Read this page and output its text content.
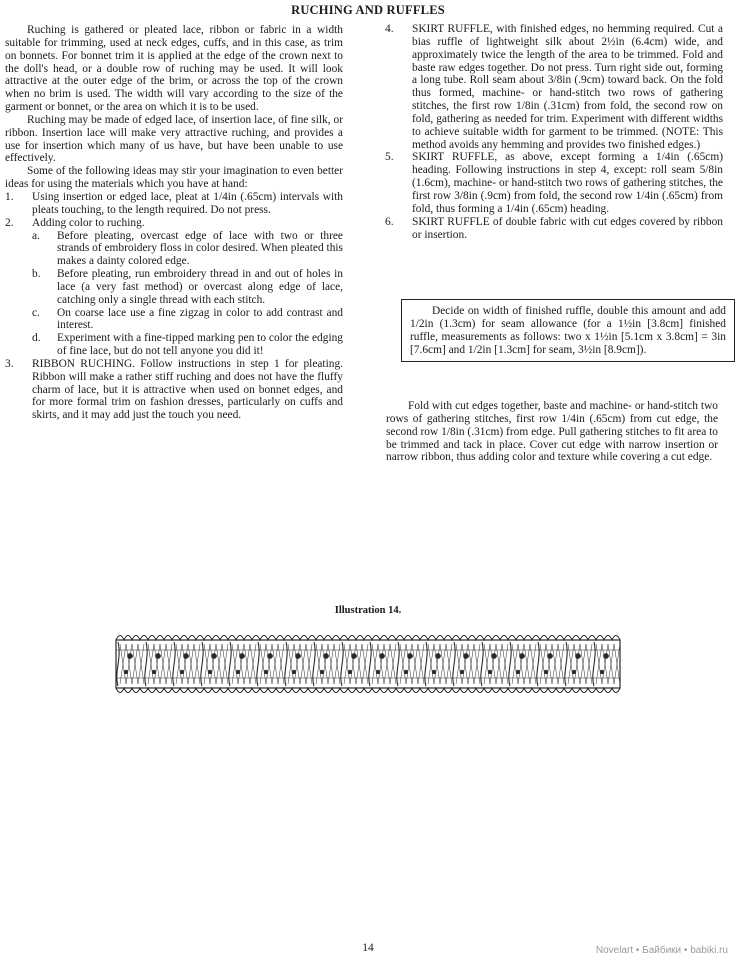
RUCHING AND RUFFLES

Ruching is gathered or pleated lace, ribbon or fabric in a width suitable for trimming, used at neck edges, cuffs, and in this case, as trim on bonnets. For bonnet trim it is applied at the edge of the crown next to the doll's head, or a double row of ruching may be used. It will look attractive at the outer edge of the brim, or across the top of the crown when no brim is used. The width will vary according to the size of the garment or bonnet, or the area on which it is to be used.

Ruching may be made of edged lace, of insertion lace, of fine silk, or ribbon. Insertion lace will make very attractive ruching, and provides a use for insertion which many of us have, but have been unable to use effectively.

Some of the following ideas may stir your imagination to even better ideas for using the materials which you have at hand:

1. Using insertion or edged lace, pleat at 1/4in (.65cm) intervals with pleats touching, to the length required. Do not press.
2. Adding color to ruching.
a. Before pleating, overcast edge of lace with two or three strands of embroidery floss in color desired. When pleated this makes a dainty colored edge.
b. Before pleating, run embroidery thread in and out of holes in lace (a very fast method) or overcast along edge of lace, catching only a single thread with each stitch.
c. On coarse lace use a fine zigzag in color to add contrast and interest.
d. Experiment with a fine-tipped marking pen to color the edging of fine lace, but do not tell anyone you did it!
3. RIBBON RUCHING. Follow instructions in step 1 for pleating. Ribbon will make a rather stiff ruching and does not have the fluffy charm of lace, but it is attractive when used on bonnet edges, and for more formal trim on fashion dresses, particularly on cuffs and skirts, and it may add just the touch you need.
4. SKIRT RUFFLE, with finished edges, no hemming required. Cut a bias ruffle of lightweight silk about 2½in (6.4cm) wide, and approximately twice the length of the area to be trimmed. Fold and baste raw edges together. Do not press. Turn right side out, forming a long tube. Roll seam about 3/8in (.9cm) toward back. On the fold thus formed, machine- or hand-stitch two rows of gathering stitches, the first row 1/8in (.31cm) from fold, the second row on fold, gathering as needed for trim. Experiment with different widths to achieve suitable width for garment to be trimmed. (NOTE: This method avoids any hemming and provides two finished edges.)
5. SKIRT RUFFLE, as above, except forming a 1/4in (.65cm) heading. Following instructions in step 4, except: roll seam 5/8in (1.6cm), machine- or hand-stitch two rows of gathering stitches, the first row 3/8in (.9cm) from fold, the second row 1/4in (.65cm) from fold, thus forming a 1/4in (.65cm) heading.
6. SKIRT RUFFLE of double fabric with cut edges covered by ribbon or insertion.

Decide on width of finished ruffle, double this amount and add 1/2in (1.3cm) for seam allowance (for a 1½in [3.8cm] finished ruffle, measurements as follows: two x 1½in [5.1cm x 3.8cm] = 3in [7.6cm] and 1/2in [1.3cm] for seam, 3½in [8.9cm]).

Fold with cut edges together, baste and machine- or hand-stitch two rows of gathering stitches, first row 1/4in (.65cm) from cut edge, the second row 1/8in (.31cm) from edge. Pull gathering stitches to fit area to be trimmed and tack in place. Cover cut edge with narrow insertion or narrow ribbon, thus adding color and texture while covering a cut edge.

Illustration 14.

14	Novelart • Байбики • babiki.ru
